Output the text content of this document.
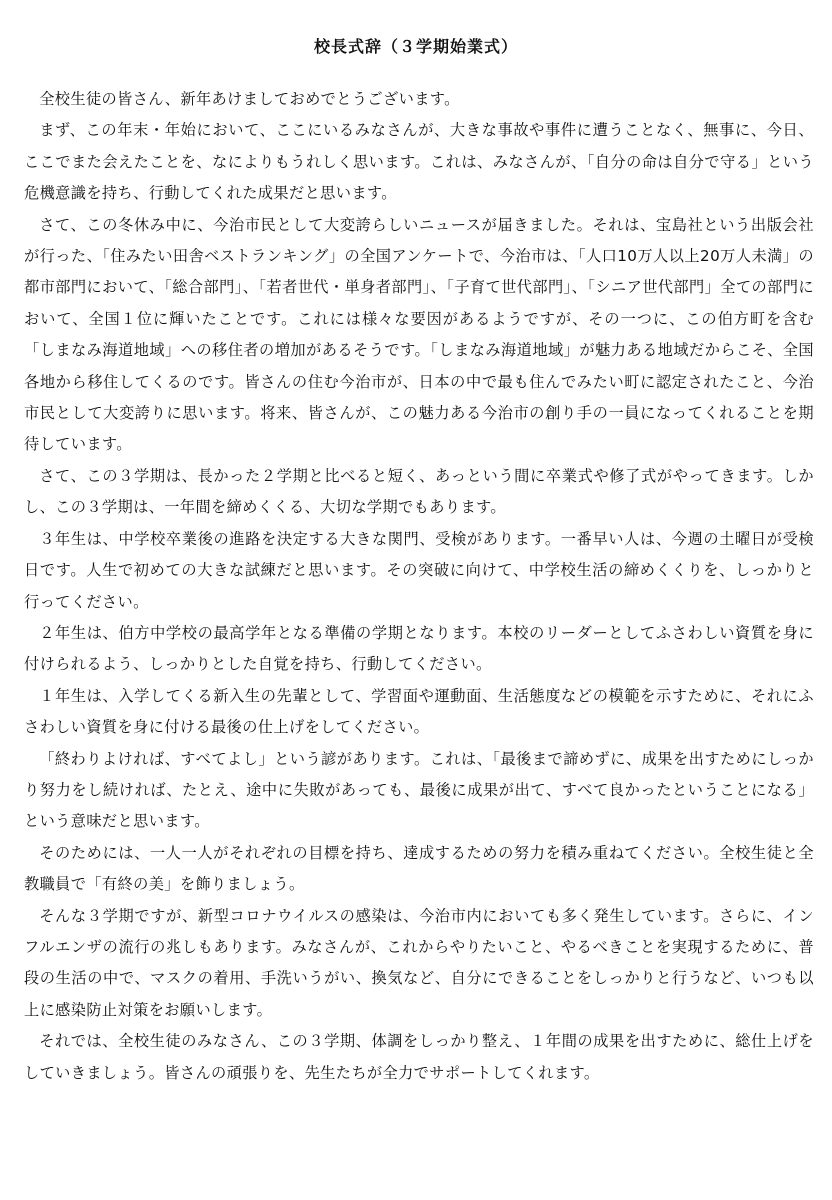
校長式辞（３学期始業式）

全校生徒の皆さん、新年あけましておめでとうございます。

まず、この年末・年始において、ここにいるみなさんが、大きな事故や事件に遭うことなく、無事に、今日、ここでまた会えたことを、なによりもうれしく思います。これは、みなさんが、「自分の命は自分で守る」という危機意識を持ち、行動してくれた成果だと思います。

さて、この冬休み中に、今治市民として大変誇らしいニュースが届きました。それは、宝島社という出版会社が行った、「住みたい田舎ベストランキング」の全国アンケートで、今治市は、「人口10万人以上20万人未満」の都市部門において、「総合部門」、「若者世代・単身者部門」、「子育て世代部門」、「シニア世代部門」全ての部門において、全国１位に輝いたことです。これには様々な要因があるようですが、その一つに、この伯方町を含む「しまなみ海道地域」への移住者の増加があるそうです。「しまなみ海道地域」が魅力ある地域だからこそ、全国各地から移住してくるのです。皆さんの住む今治市が、日本の中で最も住んでみたい町に認定されたこと、今治市民として大変誇りに思います。将来、皆さんが、この魅力ある今治市の創り手の一員になってくれることを期待しています。

さて、この３学期は、長かった２学期と比べると短く、あっという間に卒業式や修了式がやってきます。しかし、この３学期は、一年間を締めくくる、大切な学期でもあります。

３年生は、中学校卒業後の進路を決定する大きな関門、受検があります。一番早い人は、今週の土曜日が受検日です。人生で初めての大きな試練だと思います。その突破に向けて、中学校生活の締めくくりを、しっかりと行ってください。

２年生は、伯方中学校の最高学年となる準備の学期となります。本校のリーダーとしてふさわしい資質を身に付けられるよう、しっかりとした自覚を持ち、行動してください。

１年生は、入学してくる新入生の先輩として、学習面や運動面、生活態度などの模範を示すために、それにふさわしい資質を身に付ける最後の仕上げをしてください。

「終わりよければ、すべてよし」という諺があります。これは、「最後まで諦めずに、成果を出すためにしっかり努力をし続ければ、たとえ、途中に失敗があっても、最後に成果が出て、すべて良かったということになる」という意味だと思います。

そのためには、一人一人がそれぞれの目標を持ち、達成するための努力を積み重ねてください。全校生徒と全教職員で「有終の美」を飾りましょう。

そんな３学期ですが、新型コロナウイルスの感染は、今治市内においても多く発生しています。さらに、インフルエンザの流行の兆しもあります。みなさんが、これからやりたいこと、やるべきことを実現するために、普段の生活の中で、マスクの着用、手洗いうがい、換気など、自分にできることをしっかりと行うなど、いつも以上に感染防止対策をお願いします。

それでは、全校生徒のみなさん、この３学期、体調をしっかり整え、１年間の成果を出すために、総仕上げをしていきましょう。皆さんの頑張りを、先生たちが全力でサポートしてくれます。
